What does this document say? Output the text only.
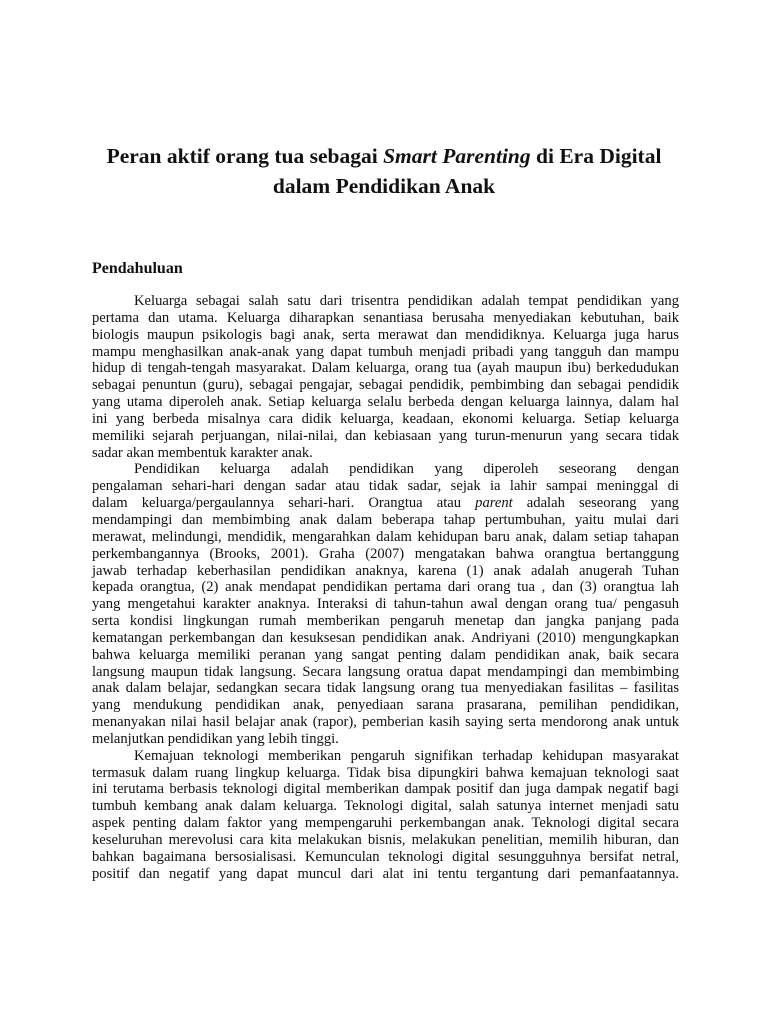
Peran aktif orang tua sebagai Smart Parenting di Era Digital
dalam Pendidikan Anak
Pendahuluan

Keluarga sebagai salah satu dari trisentra pendidikan adalah tempat pendidikan yang
pertama dan utama. Keluarga diharapkan senantiasa berusaha menyediakan kebutuhan, baik
biologis maupun psikologis bagi anak, serta merawat dan mendidiknya. Keluarga juga harus
mampu menghasilkan anak-anak yang dapat tumbuh menjadi pribadi yang tangguh dan mampu
hidup di tengah-tengah masyarakat. Dalam keluarga, orang tua (ayah maupun ibu) berkedudukan
sebagai penuntun (guru), sebagai pengajar, sebagai pendidik, pembimbing dan sebagai pendidik
yang utama diperoleh anak. Setiap keluarga selalu berbeda dengan keluarga lainnya, dalam hal
ini yang berbeda misalnya cara didik keluarga, keadaan, ekonomi keluarga. Setiap keluarga
memiliki sejarah perjuangan, nilai-nilai, dan kebiasaan yang turun-menurun yang secara tidak
sadar akan membentuk karakter anak.

Pendidikan keluarga adalah pendidikan yang diperoleh seseorang dengan
pengalaman sehari-hari dengan sadar atau tidak sadar, sejak ia lahir sampai meninggal di
dalam keluarga/pergaulannya sehari-hari. Orangtua atau parent adalah seseorang yang
mendampingi dan membimbing anak dalam beberapa tahap pertumbuhan, yaitu mulai dari
merawat, melindungi, mendidik, mengarahkan dalam kehidupan baru anak, dalam setiap tahapan
perkembangannya (Brooks, 2001). Graha (2007) mengatakan bahwa orangtua bertanggung
jawab terhadap keberhasilan pendidikan anaknya, karena (1) anak adalah anugerah Tuhan
kepada orangtua, (2) anak mendapat pendidikan pertama dari orang tua , dan (3) orangtua lah
yang mengetahui karakter anaknya. Interaksi di tahun-tahun awal dengan orang tua/ pengasuh
serta kondisi lingkungan rumah memberikan pengaruh menetap dan jangka panjang pada
kematangan perkembangan dan kesuksesan pendidikan anak. Andriyani (2010) mengungkapkan
bahwa keluarga memiliki peranan yang sangat penting dalam pendidikan anak, baik secara
langsung maupun tidak langsung. Secara langsung oratua dapat mendampingi dan membimbing
anak dalam belajar, sedangkan secara tidak langsung orang tua menyediakan fasilitas – fasilitas
yang mendukung pendidikan anak, penyediaan sarana prasarana, pemilihan pendidikan,
menanyakan nilai hasil belajar anak (rapor), pemberian kasih saying serta mendorong anak untuk
melanjutkan pendidikan yang lebih tinggi.

Kemajuan teknologi memberikan pengaruh signifikan terhadap kehidupan masyarakat
termasuk dalam ruang lingkup keluarga. Tidak bisa dipungkiri bahwa kemajuan teknologi saat
ini terutama berbasis teknologi digital memberikan dampak positif dan juga dampak negatif bagi
tumbuh kembang anak dalam keluarga. Teknologi digital, salah satunya internet menjadi satu
aspek penting dalam faktor yang mempengaruhi perkembangan anak. Teknologi digital secara
keseluruhan merevolusi cara kita melakukan bisnis, melakukan penelitian, memilih hiburan, dan
bahkan bagaimana bersosialisasi. Kemunculan teknologi digital sesungguhnya bersifat netral,
positif dan negatif yang dapat muncul dari alat ini tentu tergantung dari pemanfaatannya.
